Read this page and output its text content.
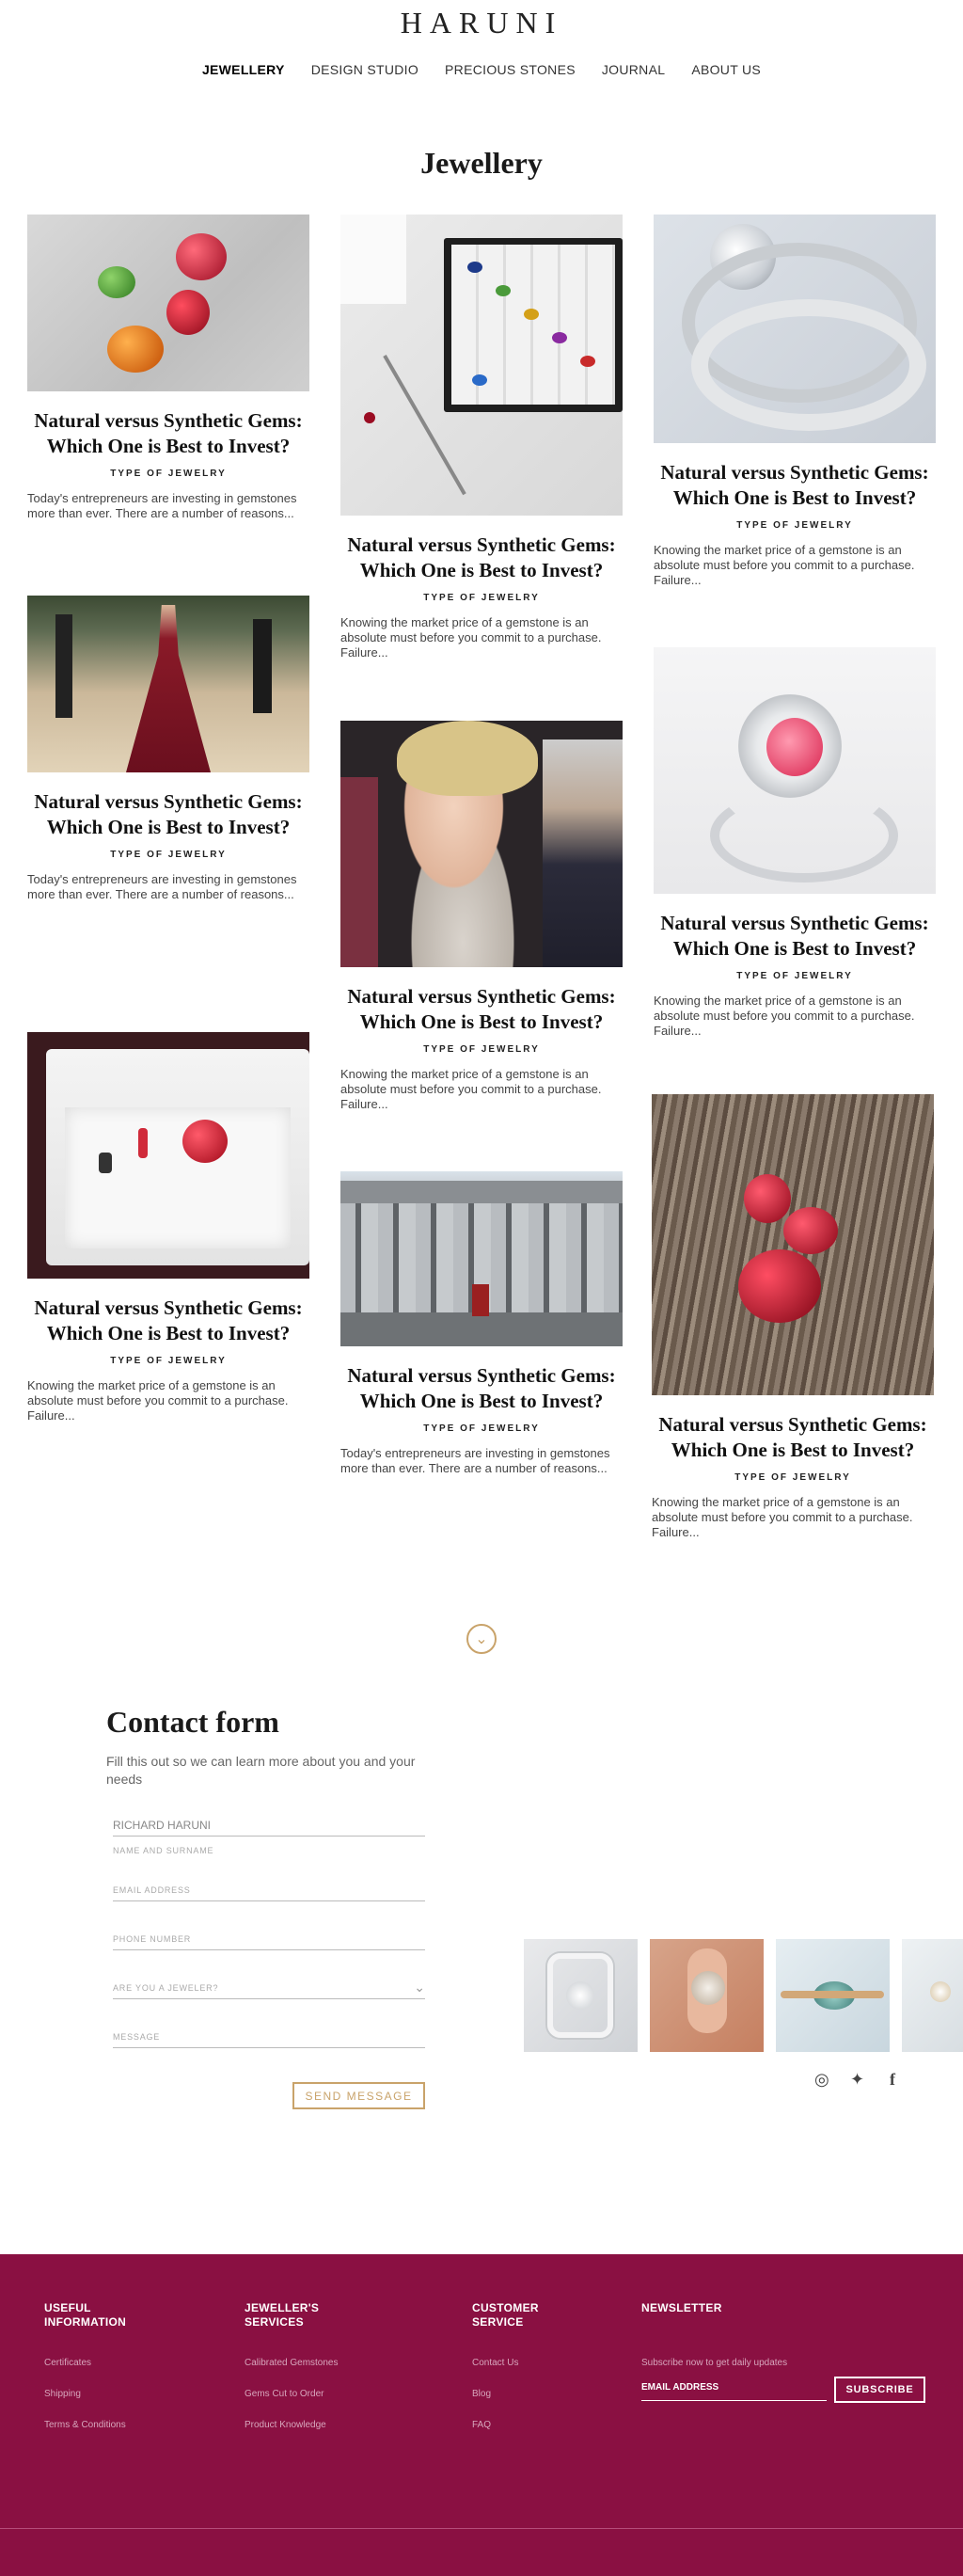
HARUNI
JEWELLERY DESIGN STUDIO PRECIOUS STONES JOURNAL ABOUT US
Jewellery
Natural versus Synthetic Gems: Which One is Best to Invest?
TYPE OF JEWELRY

Today's entrepreneurs are investing in gemstones more than ever. There are a number of reasons...

Natural versus Synthetic Gems: Which One is Best to Invest?
TYPE OF JEWELRY

Today's entrepreneurs are investing in gemstones more than ever. There are a number of reasons...

Natural versus Synthetic Gems: Which One is Best to Invest?
TYPE OF JEWELRY

Knowing the market price of a gemstone is an absolute must before you commit to a purchase. Failure...

Natural versus Synthetic Gems: Which One is Best to Invest?
TYPE OF JEWELRY

Knowing the market price of a gemstone is an absolute must before you commit to a purchase. Failure...

Natural versus Synthetic Gems: Which One is Best to Invest?
TYPE OF JEWELRY

Knowing the market price of a gemstone is an absolute must before you commit to a purchase. Failure...

Natural versus Synthetic Gems: Which One is Best to Invest?
TYPE OF JEWELRY

Today's entrepreneurs are investing in gemstones more than ever. There are a number of reasons...

Natural versus Synthetic Gems: Which One is Best to Invest?
TYPE OF JEWELRY

Knowing the market price of a gemstone is an absolute must before you commit to a purchase. Failure...

Natural versus Synthetic Gems: Which One is Best to Invest?
TYPE OF JEWELRY

Knowing the market price of a gemstone is an absolute must before you commit to a purchase. Failure...

Natural versus Synthetic Gems: Which One is Best to Invest?
TYPE OF JEWELRY

Knowing the market price of a gemstone is an absolute must before you commit to a purchase. Failure...

⌄
Contact form

Fill this out so we can learn more about you and your needs

RICHARD HARUNI
NAME AND SURNAME
EMAIL ADDRESS
PHONE NUMBER
ARE YOU A JEWELER?	⌄
MESSAGE
SEND MESSAGE
◎ ✦ f
USEFUL INFORMATION
Certificates
Shipping
Terms & Conditions
JEWELLER'S SERVICES
Calibrated Gemstones
Gems Cut to Order
Product Knowledge
CUSTOMER SERVICE
Contact Us
Blog
FAQ
NEWSLETTER
Subscribe now to get daily updates
EMAIL ADDRESS	SUBSCRIBE
